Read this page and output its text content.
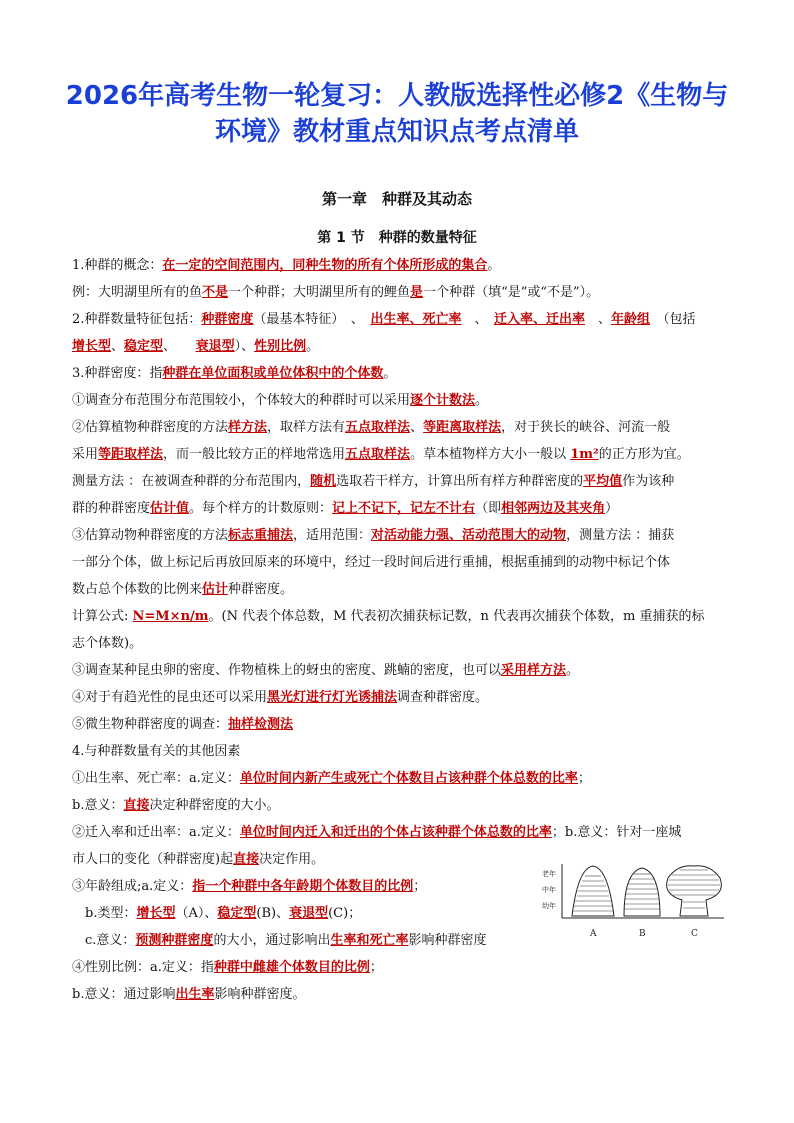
2026年高考生物一轮复习：人教版选择性必修2《生物与环境》教材重点知识点考点清单
第一章　种群及其动态
第 1 节　种群的数量特征
1.种群的概念：在一定的空间范围内，同种生物的所有个体所形成的集合。
例：大明湖里所有的鱼不是一个种群；大明湖里所有的鲤鱼是一个种群（填“是”或“不是”）。
2.种群数量特征包括：种群密度（最基本特征）　、　出生率、死亡率　、　迁入率、迁出率　、年龄组　（包括
增长型、稳定型、　　衰退型）、性别比例。
3.种群密度：指种群在单位面积或单位体积中的个体数。
①调查分布范围分布范围较小，个体较大的种群时可以采用逐个计数法。
②估算植物种群密度的方法样方法，取样方法有五点取样法、等距离取样法，对于狭长的峡谷、河流一般
采用等距取样法，而一般比较方正的样地常选用五点取样法。草本植物样方大小一般以 1m²的正方形为宜。
测量方法 ：在被调查种群的分布范围内，随机选取若干样方，计算出所有样方种群密度的平均值作为该种
群的种群密度估计值。每个样方的计数原则：记上不记下，记左不计右（即相邻两边及其夹角）
③估算动物种群密度的方法标志重捕法，适用范围：对活动能力强、活动范围大的动物，测量方法 ：捕获
一部分个体，做上标记后再放回原来的环境中，经过一段时间后进行重捕，根据重捕到的动物中标记个体
数占总个体数的比例来估计种群密度。
计算公式: N=M×n/m。(N 代表个体总数，M 代表初次捕获标记数，n 代表再次捕获个体数，m 重捕获的标
志个体数)。
③调查某种昆虫卵的密度、作物植株上的蚜虫的密度、跳蝻的密度，也可以采用样方法。
④对于有趋光性的昆虫还可以采用黑光灯进行灯光诱捕法调查种群密度。
⑤微生物种群密度的调查：抽样检测法
4.与种群数量有关的其他因素
①出生率、死亡率：a.定义：单位时间内新产生或死亡个体数目占该种群个体总数的比率；
b.意义：直接决定种群密度的大小。
②迁入率和迁出率：a.定义：单位时间内迁入和迁出的个体占该种群个体总数的比率；b.意义：针对一座城
市人口的变化（种群密度)起直接决定作用。
③年龄组成;a.定义：指一个种群中各年龄期个体数目的比例；
　b.类型：增长型（A）、稳定型(B)、衰退型(C)；
　c.意义：预测种群密度的大小，通过影响出生率和死亡率影响种群密度
④性别比例：a.定义：指种群中雌雄个体数目的比例；
b.意义：通过影响出生率影响种群密度。
老年
中年
幼年
A	B	C
